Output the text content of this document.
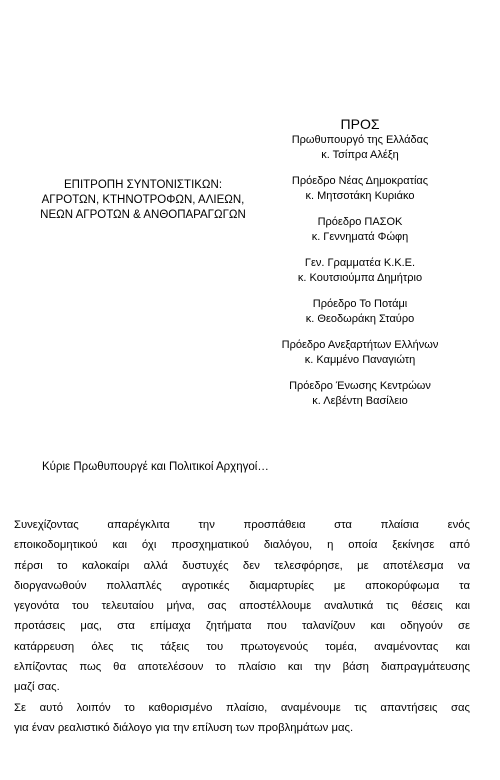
ΕΠΙΤΡΟΠΗ ΣΥΝΤΟΝΙΣΤΙΚΩΝ:
ΑΓΡΟΤΩΝ, ΚΤΗΝΟΤΡΟΦΩΝ, ΑΛΙΕΩΝ,
ΝΕΩΝ ΑΓΡΟΤΩΝ & ΑΝΘΟΠΑΡΑΓΩΓΩΝ
ΠΡΟΣ
Πρωθυπουργό της Ελλάδας
κ. Τσίπρα Αλέξη
Πρόεδρο Νέας Δημοκρατίας
κ. Μητσοτάκη Κυριάκο
Πρόεδρο ΠΑΣΟΚ
κ. Γεννηματά Φώφη
Γεν. Γραμματέα Κ.Κ.Ε.
κ. Κουτσιούμπα Δημήτριο
Πρόεδρο Το Ποτάμι
κ. Θεοδωράκη Σταύρο
Πρόεδρο Ανεξαρτήτων Ελλήνων
κ. Καμμένο Παναγιώτη
Πρόεδρο Ένωσης Κεντρώων
κ. Λεβέντη Βασίλειο
Κύριε Πρωθυπουργέ και Πολιτικοί Αρχηγοί…

Συνεχίζοντας απαρέγκλιτα την προσπάθεια στα πλαίσια ενός
εποικοδομητικού και όχι προσχηματικού διαλόγου, η οποία ξεκίνησε από
πέρσι το καλοκαίρι αλλά δυστυχές δεν τελεσφόρησε, με αποτέλεσμα να
διοργανωθούν πολλαπλές αγροτικές διαμαρτυρίες με αποκορύφωμα τα
γεγονότα του τελευταίου μήνα, σας αποστέλλουμε αναλυτικά τις θέσεις και
προτάσεις μας, στα επίμαχα ζητήματα που ταλανίζουν και οδηγούν σε
κατάρρευση όλες τις τάξεις του πρωτογενούς τομέα, αναμένοντας και
ελπίζοντας πως θα αποτελέσουν το πλαίσιο και την βάση διαπραγμάτευσης
μαζί σας.

Σε αυτό λοιπόν το καθορισμένο πλαίσιο, αναμένουμε τις απαντήσεις σας
για έναν ρεαλιστικό διάλογο για την επίλυση των προβλημάτων μας.
